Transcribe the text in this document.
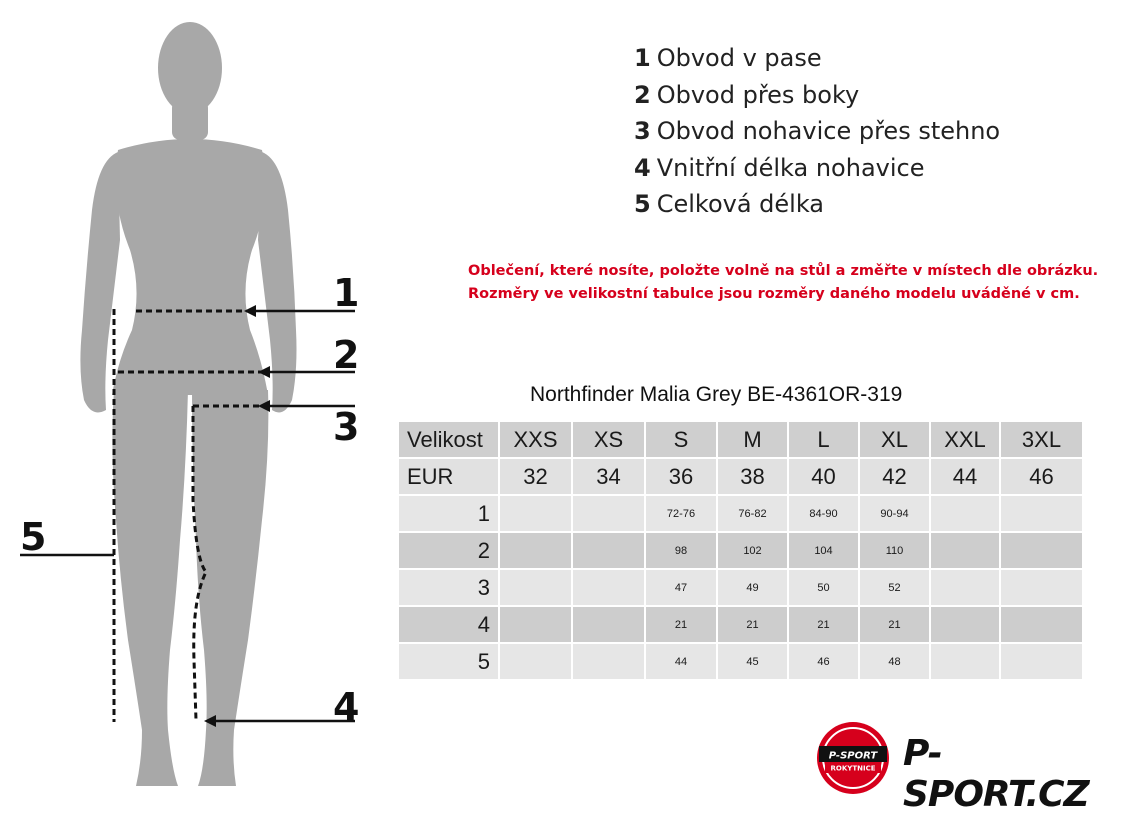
1
2
3
4
5
1 Obvod v pase
2 Obvod přes boky
3 Obvod nohavice přes stehno
4 Vnitřní délka nohavice
5 Celková délka
Oblečení, které nosíte, položte volně na stůl a změřte v místech dle obrázku.
Rozměry ve velikostní tabulce jsou rozměry daného modelu uváděné v cm.
Northfinder Malia Grey BE-4361OR-319
Velikost	XXS	XS	S	M	L	XL	XXL	3XL
EUR	32	34	36	38	40	42	44	46
1			72-76	76-82	84-90	90-94		
2			98	102	104	110		
3			47	49	50	52		
4			21	21	21	21		
5			44	45	46	48		
P-SPORT
ROKYTNICE P-SPORT.CZ
